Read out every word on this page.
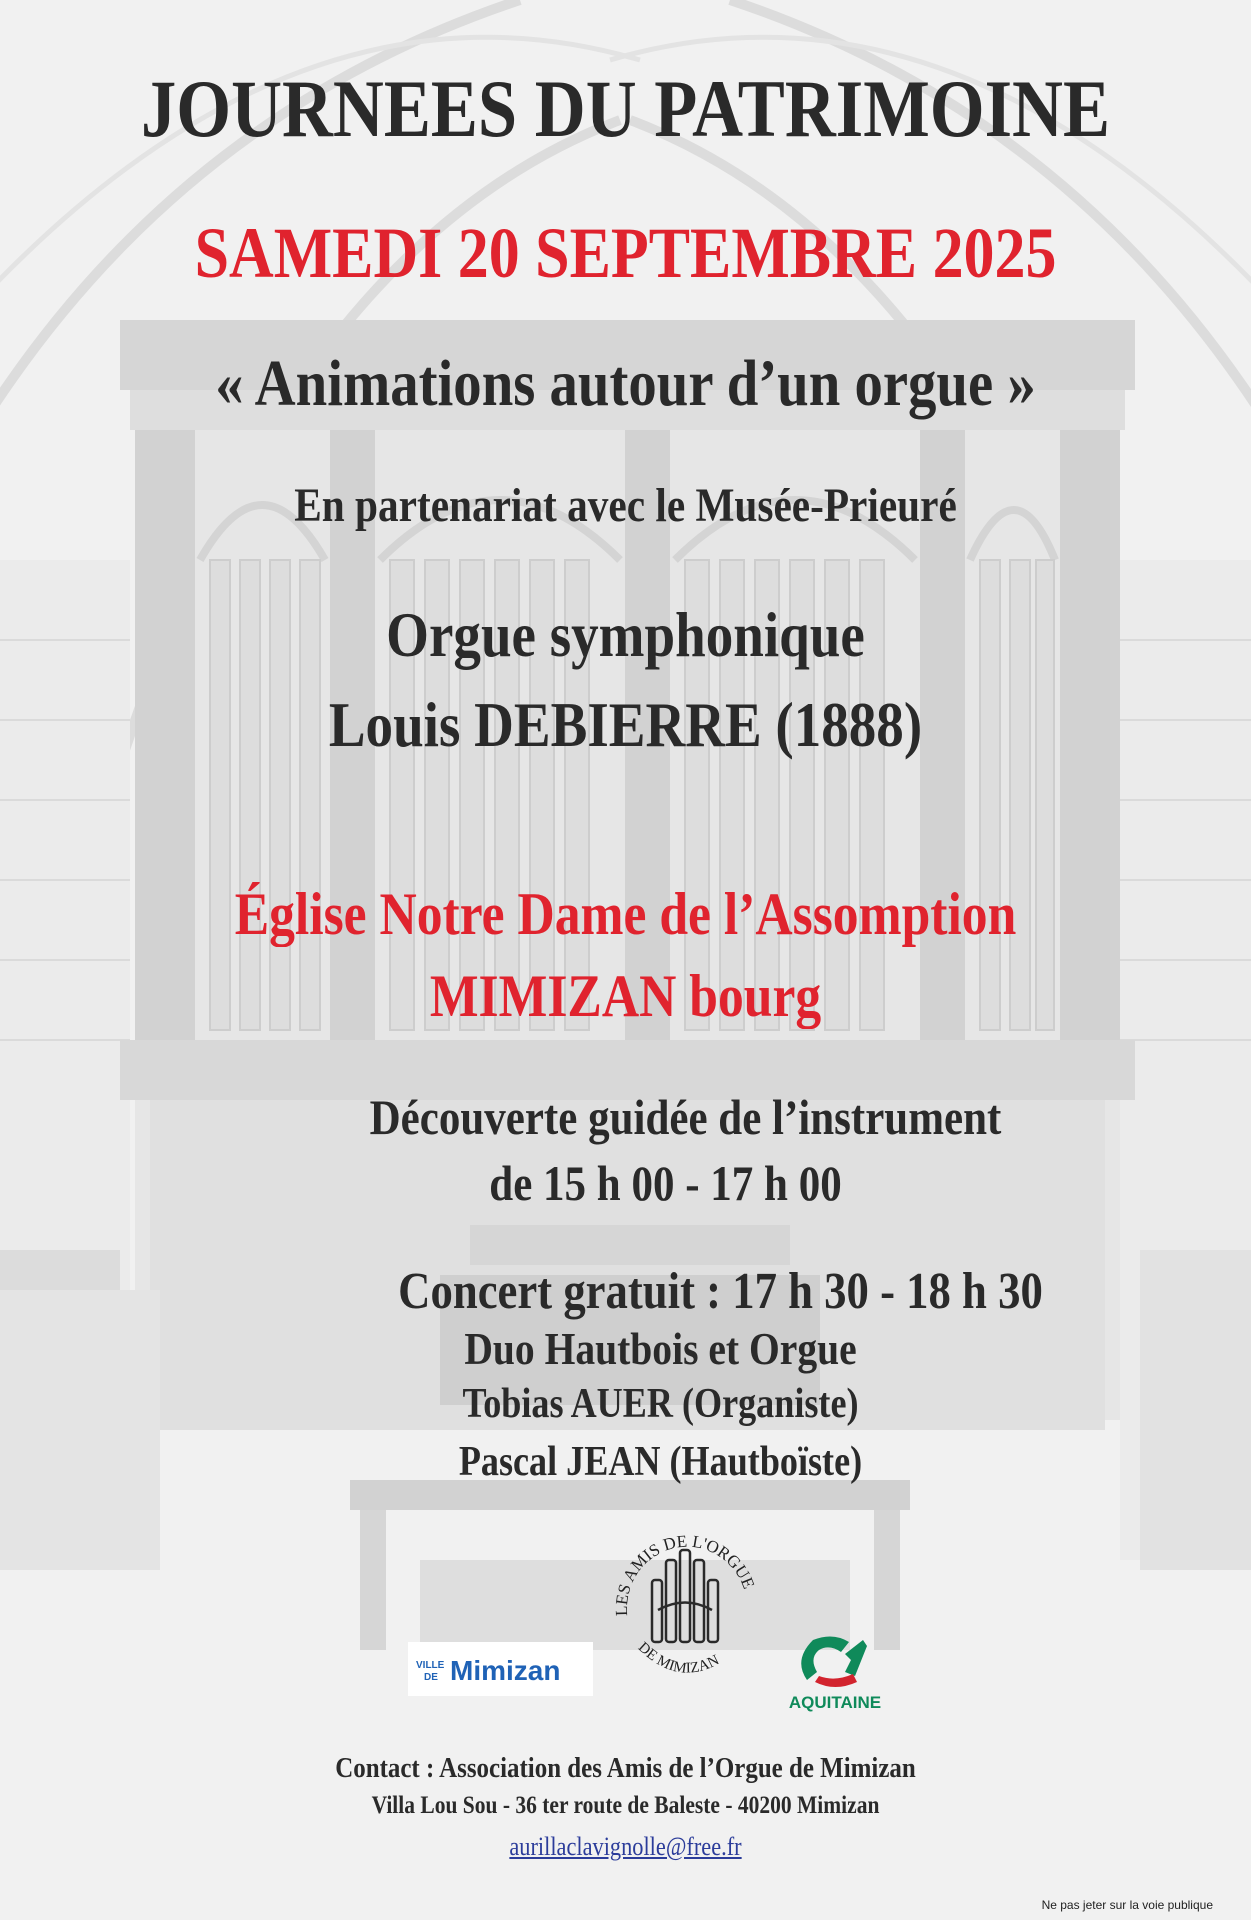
JOURNEES DU PATRIMOINE

SAMEDI 20 SEPTEMBRE 2025

« Animations autour d’un orgue »

En partenariat avec le Musée-Prieuré

Orgue symphonique

Louis DEBIERRE (1888)

Église Notre Dame de l’Assomption

MIMIZAN bourg

Découverte guidée de l’instrument

de 15 h 00 - 17 h 00

Concert gratuit : 17 h 30 - 18 h 30

Duo Hautbois et Orgue

Tobias AUER (Organiste)

Pascal JEAN (Hautboïste)

VILLE
DE Mimizan
LES AMIS DE L'ORGUE
DE MIMIZAN
AQUITAINE

Contact : Association des Amis de l’Orgue de Mimizan

Villa Lou Sou - 36 ter route de Baleste - 40200 Mimizan

aurillaclavignolle@free.fr

Ne pas jeter sur la voie publique
